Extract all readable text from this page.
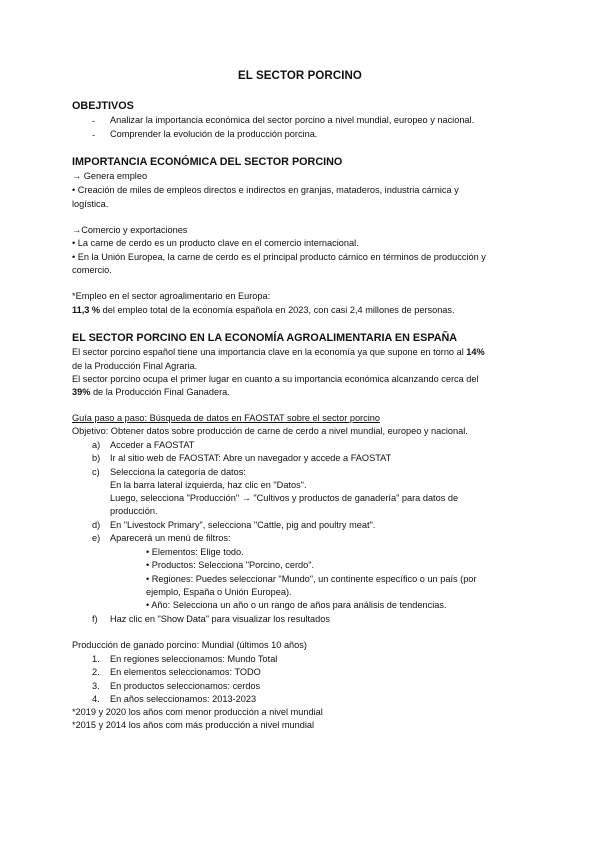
EL SECTOR PORCINO
OBEJTIVOS
- Analizar la importancia económica del sector porcino a nivel mundial, europeo y nacional.
- Comprender la evolución de la producción porcina.
IMPORTANCIA ECONÓMICA DEL SECTOR PORCINO
→ Genera empleo
• Creación de miles de empleos directos e indirectos en granjas, mataderos, industria cárnica y
logística.
→Comercio y exportaciones
• La carne de cerdo es un producto clave en el comercio internacional.
• En la Unión Europea, la carne de cerdo es el principal producto cárnico en términos de producción y
comercio.
*Empleo en el sector agroalimentario en Europa:
11,3 % del empleo total de la economía española en 2023, con casi 2,4 millones de personas.
EL SECTOR PORCINO EN LA ECONOMÍA AGROALIMENTARIA EN ESPAÑA
El sector porcino español tiene una importancia clave en la economía ya que supone en torno al 14%
de la Producción Final Agraria.
El sector porcino ocupa el primer lugar en cuanto a su importancia económica alcanzando cerca del
39% de la Producción Final Ganadera.
Guía paso a paso: Búsqueda de datos en FAOSTAT sobre el sector porcino
Objetivo: Obtener datos sobre producción de carne de cerdo a nivel mundial, europeo y nacional.
a) Acceder a FAOSTAT
b) Ir al sitio web de FAOSTAT: Abre un navegador y accede a FAOSTAT
c) Selecciona la categoría de datos:
En la barra lateral izquierda, haz clic en "Datos".
Luego, selecciona "Producción" → "Cultivos y productos de ganadería" para datos de
producción.
d) En "Livestock Primary", selecciona "Cattle, pig and poultry meat".
e) Aparecerá un menú de filtros:
• Elementos: Elige todo.
• Productos: Selecciona "Porcino, cerdo".
• Regiones: Puedes seleccionar "Mundo", un continente específico o un país (por
ejemplo, España o Unión Europea).
• Año: Selecciona un año o un rango de años para análisis de tendencias.
f) Haz clic en "Show Data" para visualizar los resultados
Producción de ganado porcino: Mundial (últimos 10 años)
1. En regiones seleccionamos: Mundo Total
2. En elementos seleccionamos: TODO
3. En productos seleccionamos: cerdos
4. En años seleccionamos: 2013-2023
*2019 y 2020 los años com menor producción a nivel mundial
*2015 y 2014 los años com más producción a nivel mundial
